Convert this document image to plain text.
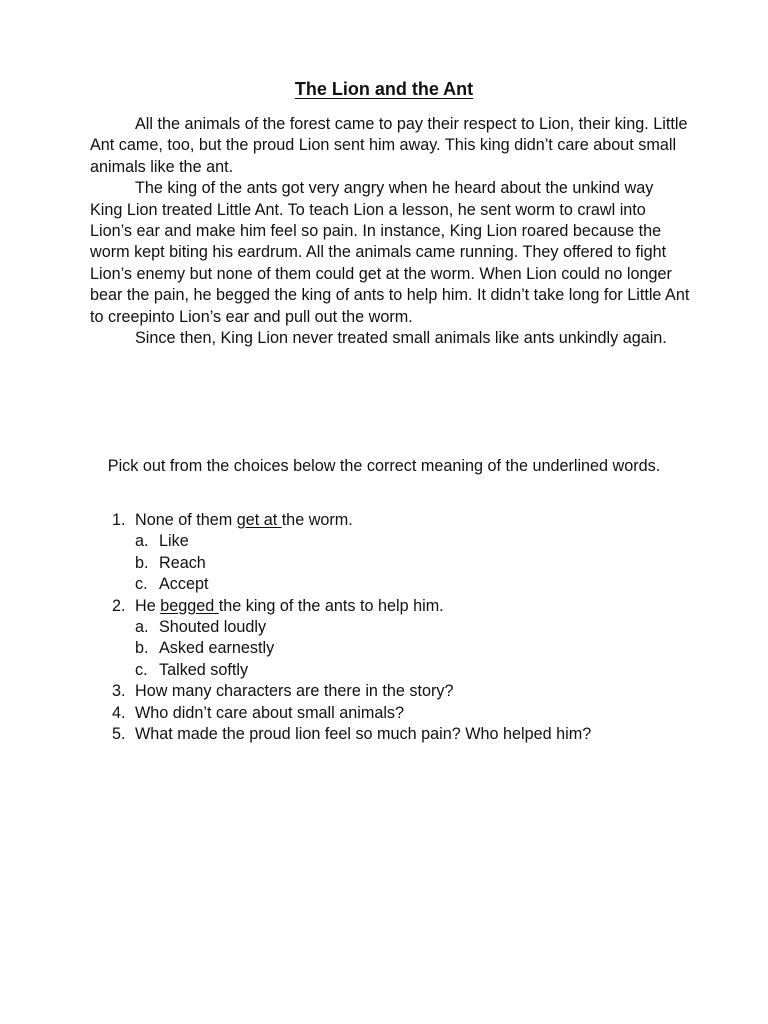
The Lion and the Ant

All the animals of the forest came to pay their respect to Lion, their king. Little Ant came, too, but the proud Lion sent him away. This king didn’t care about small animals like the ant.

The king of the ants got very angry when he heard about the unkind way King Lion treated Little Ant. To teach Lion a lesson, he sent worm to crawl into Lion’s ear and make him feel so pain. In instance, King Lion roared because the worm kept biting his eardrum. All the animals came running. They offered to fight Lion’s enemy but none of them could get at the worm. When Lion could no longer bear the pain, he begged the king of ants to help him. It didn’t take long for Little Ant to creepinto Lion’s ear and pull out the worm.

Since then, King Lion never treated small animals like ants unkindly again.

Pick out from the choices below the correct meaning of the underlined words.

1. None of them get at the worm.
a. Like
b. Reach
c. Accept
2. He begged the king of the ants to help him.
a. Shouted loudly
b. Asked earnestly
c. Talked softly
3. How many characters are there in the story?
4. Who didn’t care about small animals?
5. What made the proud lion feel so much pain? Who helped him?
